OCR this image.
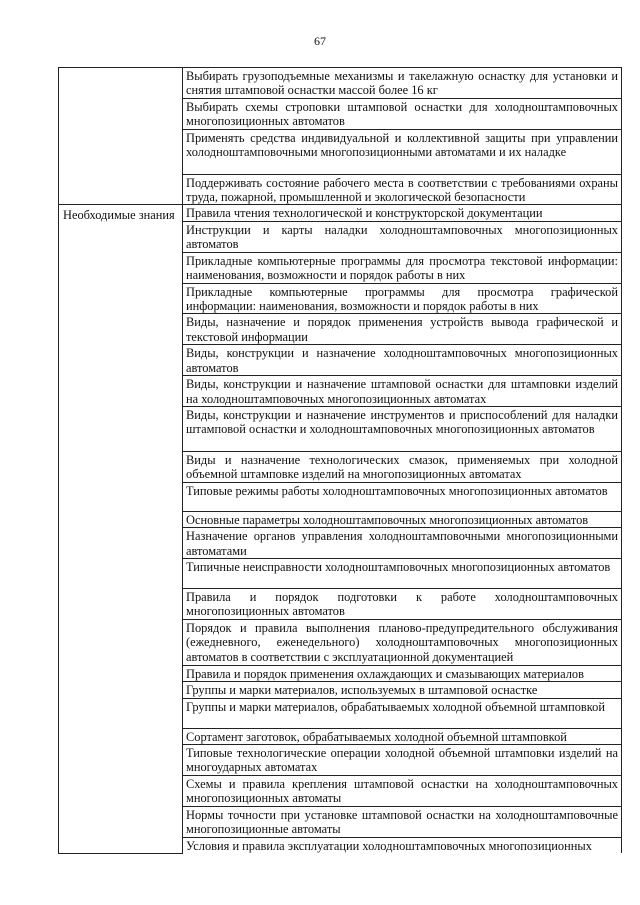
67
	Выбирать грузоподъемные механизмы и такелажную оснастку для установки и снятия штамповой оснастки массой более 16 кг
	Выбирать схемы строповки штамповой оснастки для холодноштамповочных многопозиционных автоматов
	Применять средства индивидуальной и коллективной защиты при управлении холодноштамповочными многопозиционными автоматами и их наладке
	Поддерживать состояние рабочего места в соответствии с требованиями охраны труда, пожарной, промышленной и экологической безопасности
Необходимые знания	Правила чтения технологической и конструкторской документации
	Инструкции и карты наладки холодноштамповочных многопозиционных автоматов
	Прикладные компьютерные программы для просмотра текстовой информации: наименования, возможности и порядок работы в них
	Прикладные компьютерные программы для просмотра графической информации: наименования, возможности и порядок работы в них
	Виды, назначение и порядок применения устройств вывода графической и текстовой информации
	Виды, конструкции и назначение холодноштамповочных многопозиционных автоматов
	Виды, конструкции и назначение штамповой оснастки для штамповки изделий на холодноштамповочных многопозиционных автоматах
	Виды, конструкции и назначение инструментов и приспособлений для наладки штамповой оснастки и холодноштамповочных многопозиционных автоматов
	Виды и назначение технологических смазок, применяемых при холодной объемной штамповке изделий на многопозиционных автоматах
	Типовые режимы работы холодноштамповочных многопозиционных автоматов
	Основные параметры холодноштамповочных многопозиционных автоматов
	Назначение органов управления холодноштамповочными многопозиционными автоматами
	Типичные неисправности холодноштамповочных многопозиционных автоматов
	Правила и порядок подготовки к работе холодноштамповочных многопозиционных автоматов
	Порядок и правила выполнения планово-предупредительного обслуживания (ежедневного, еженедельного) холодноштамповочных многопозиционных автоматов в соответствии с эксплуатационной документацией
	Правила и порядок применения охлаждающих и смазывающих материалов
	Группы и марки материалов, используемых в штамповой оснастке
	Группы и марки материалов, обрабатываемых холодной объемной штамповкой
	Сортамент заготовок, обрабатываемых холодной объемной штамповкой
	Типовые технологические операции холодной объемной штамповки изделий на многоударных автоматах
	Схемы и правила крепления штамповой оснастки на холодноштамповочных многопозиционных автоматы
	Нормы точности при установке штамповой оснастки на холодноштамповочные многопозиционные автоматы
	Условия и правила эксплуатации холодноштамповочных многопозиционных
